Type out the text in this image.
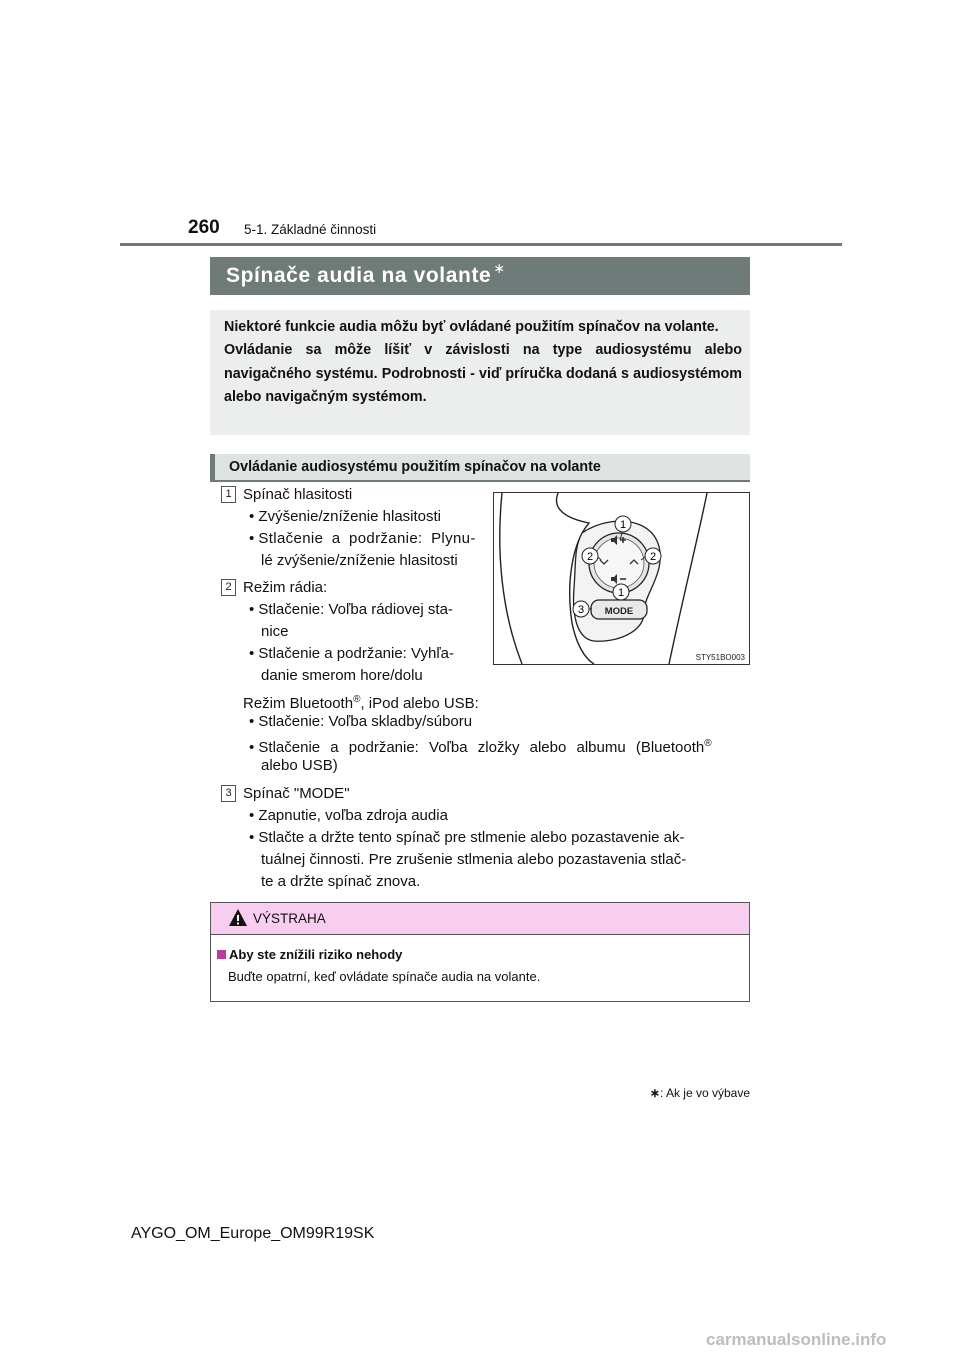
260 5-1. Základné činnosti
Spínače audia na volante ∗
Niektoré funkcie audia môžu byť ovládané použitím spínačov na volante.
Ovládanie sa môže líšiť v závislosti na type audiosystému alebo navigačného systému. Podrobnosti - viď príručka dodaná s audiosystémom alebo navigačným systémom.
Ovládanie audiosystému použitím spínačov na volante
1 Spínač hlasitosti
• Zvýšenie/zníženie hlasitosti
• Stlačenie a podržanie: Plynu-
lé zvýšenie/zníženie hlasitosti
2 Režim rádia:
• Stlačenie: Voľba rádiovej sta-
nice
• Stlačenie a podržanie: Vyhľa-
danie smerom hore/dolu
Režim Bluetooth®, iPod alebo USB:
• Stlačenie: Voľba skladby/súboru
• Stlačenie a podržanie: Voľba zložky alebo albumu (Bluetooth®
alebo USB)
3 Spínač "MODE"
• Zapnutie, voľba zdroja audia
• Stlačte a držte tento spínač pre stlmenie alebo pozastavenie ak-
tuálnej činnosti. Pre zrušenie stlmenia alebo pozastavenia stlač-
te a držte spínač znova.
MODE
1
2	2
1
3
STY51BO003
VÝSTRAHA
Aby ste znížili riziko nehody
Buďte opatrní, keď ovládate spínače audia na volante.
∗: Ak je vo výbave
AYGO_OM_Europe_OM99R19SK
carmanualsonline.info
